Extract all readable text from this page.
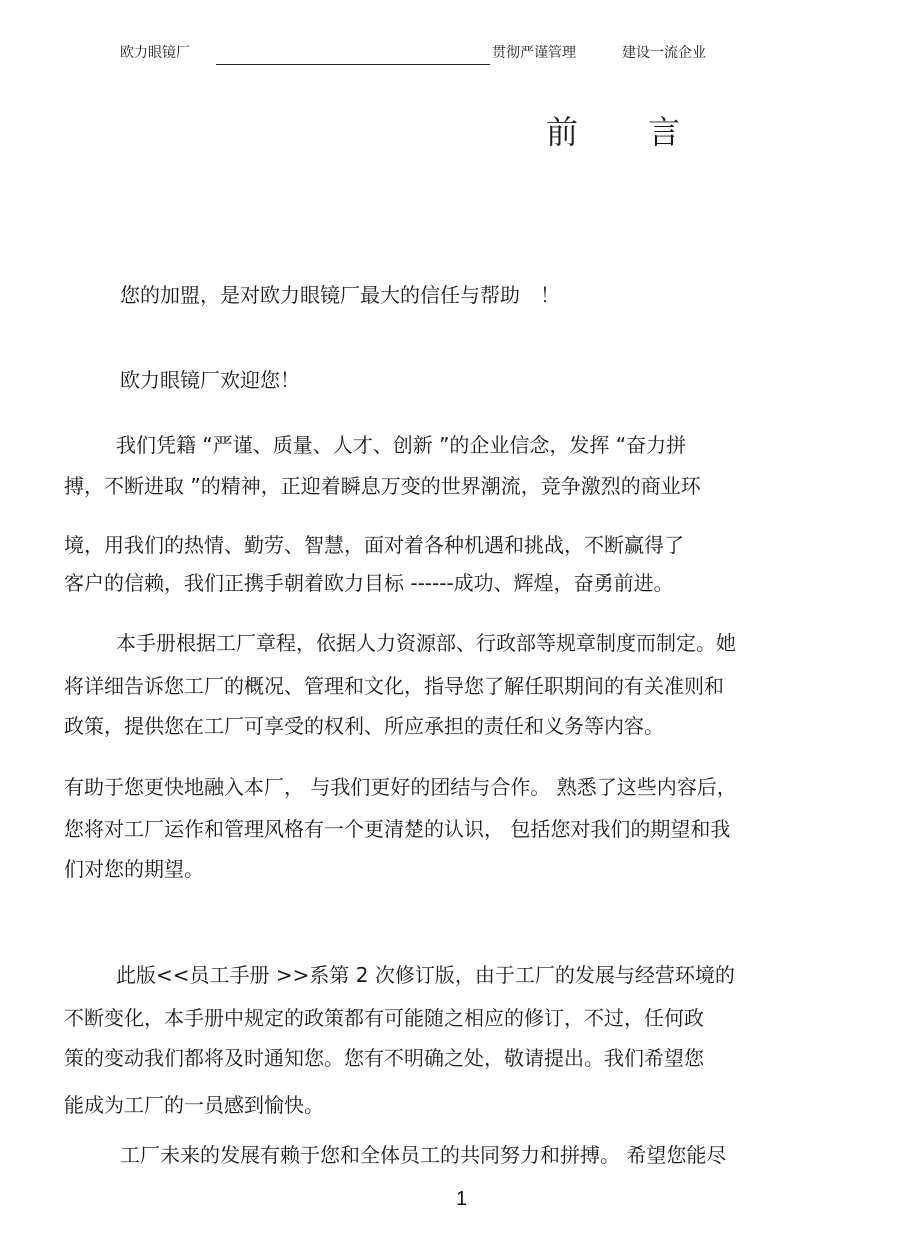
欧力眼镜厂	贯彻严谨管理	建设一流企业
前 言
您的加盟，是对欧力眼镜厂最大的信任与帮助　！
欧力眼镜厂欢迎您！
我们凭籍 “严谨、质量、人才、创新 ”的企业信念，发挥 “奋力拼
搏，不断进取 ”的精神，正迎着瞬息万变的世界潮流，竞争激烈的商业环
境，用我们的热情、勤劳、智慧，面对着各种机遇和挑战，不断赢得了
客户的信赖，我们正携手朝着欧力目标 ------成功、辉煌，奋勇前进。
本手册根据工厂章程，依据人力资源部、行政部等规章制度而制定。她
将详细告诉您工厂的概况、管理和文化，指导您了解任职期间的有关准则和
政策，提供您在工厂可享受的权利、所应承担的责任和义务等内容。
有助于您更快地融入本厂， 与我们更好的团结与合作。 熟悉了这些内容后，
您将对工厂运作和管理风格有一个更清楚的认识， 包括您对我们的期望和我
们对您的期望。
此版<<员工手册 >>系第 2 次修订版，由于工厂的发展与经营环境的
不断变化，本手册中规定的政策都有可能随之相应的修订，不过，任何政
策的变动我们都将及时通知您。您有不明确之处，敬请提出。我们希望您
能成为工厂的一员感到愉快。
工厂未来的发展有赖于您和全体员工的共同努力和拼搏。 希望您能尽
1
